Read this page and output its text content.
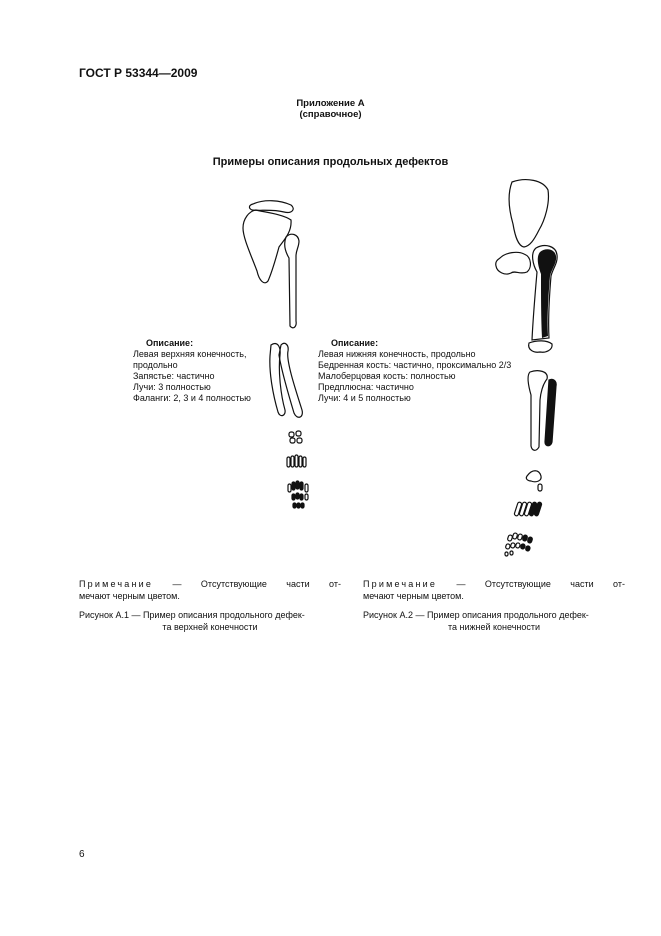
ГОСТ Р 53344—2009
Приложение А
(справочное)
Примеры описания продольных дефектов
Описание:
Левая верхняя конечность,
продольно
Запястье: частично
Лучи: 3 полностью
Фаланги: 2, 3 и 4 полностью
Описание:
Левая нижняя конечность, продольно
Бедренная кость: частично, проксимально 2/3
Малоберцовая кость: полностью
Предплюсна: частично
Лучи: 4 и 5 полностью
Примечание — Отсутствующие части от-
мечают черным цветом.
Примечание — Отсутствующие части от-
мечают черным цветом.
Рисунок А.1 — Пример описания продольного дефек-
та верхней конечности
Рисунок А.2 — Пример описания продольного дефек-
та нижней конечности
6
